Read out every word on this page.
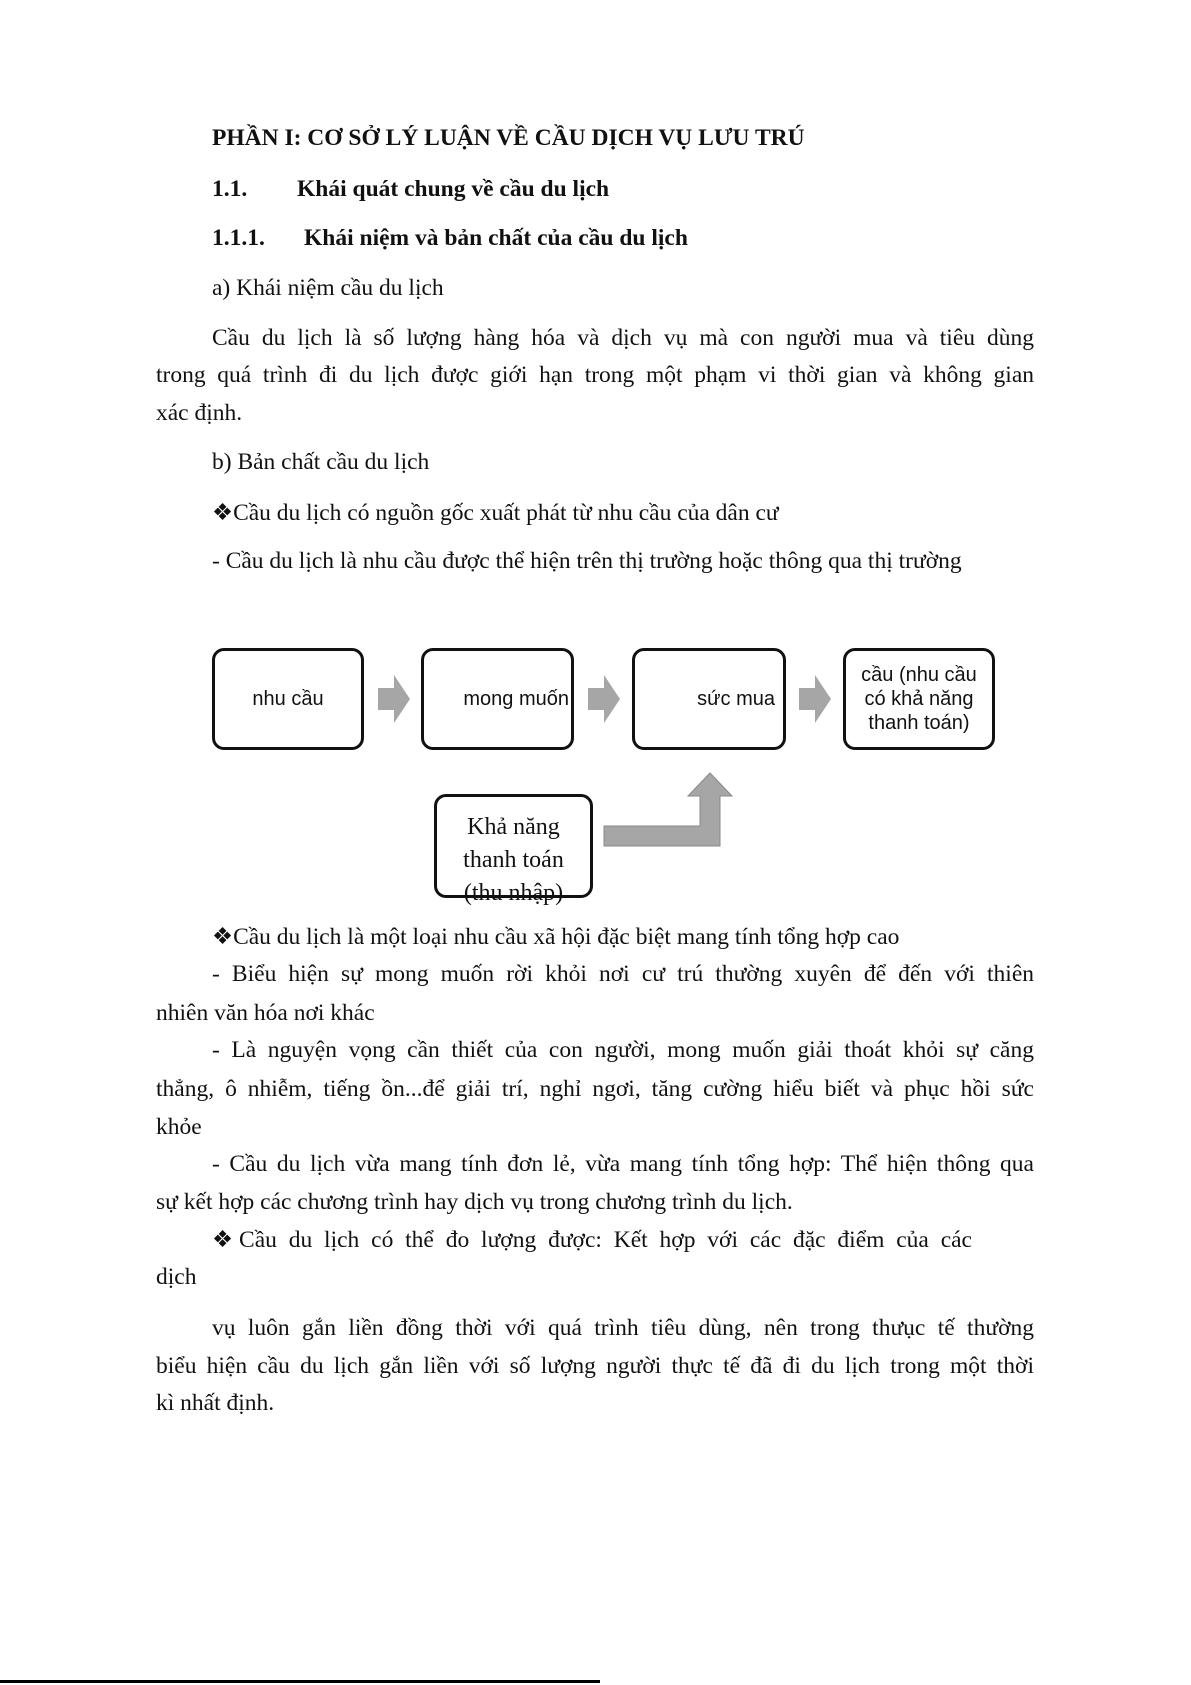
PHẦN I: CƠ SỞ LÝ LUẬN VỀ CẦU DỊCH VỤ LƯU TRÚ
1.1. Khái quát chung về cầu du lịch
1.1.1. Khái niệm và bản chất của cầu du lịch
a) Khái niệm cầu du lịch
Cầu du lịch là số lượng hàng hóa và dịch vụ mà con người mua và tiêu dùng
trong quá trình đi du lịch được giới hạn trong một phạm vi thời gian và không gian
xác định.
b) Bản chất cầu du lịch
❖Cầu du lịch có nguồn gốc xuất phát từ nhu cầu của dân cư
- Cầu du lịch là nhu cầu được thể hiện trên thị trường hoặc thông qua thị trường
nhu cầu	mong muốn	sức mua
cầu (nhu cầu
có khả năng
thanh toán)
Khả năng
thanh toán
(thu nhập)
❖Cầu du lịch là một loại nhu cầu xã hội đặc biệt mang tính tổng hợp cao
- Biểu hiện sự mong muốn rời khỏi nơi cư trú thường xuyên để đến với thiên
nhiên văn hóa nơi khác
- Là nguyện vọng cần thiết của con người, mong muốn giải thoát khỏi sự căng
thẳng, ô nhiễm, tiếng ồn...để giải trí, nghỉ ngơi, tăng cường hiểu biết và phục hồi sức
khỏe
- Cầu du lịch vừa mang tính đơn lẻ, vừa mang tính tổng hợp: Thể hiện thông qua
sự kết hợp các chương trình hay dịch vụ trong chương trình du lịch.
❖Cầu du lịch có thể đo lượng được: Kết hợp với các đặc điểm của các
dịch
vụ luôn gắn liền đồng thời với quá trình tiêu dùng, nên trong thưục tế thường
biểu hiện cầu du lịch gắn liền với số lượng người thực tế đã đi du lịch trong một thời
kì nhất định.
